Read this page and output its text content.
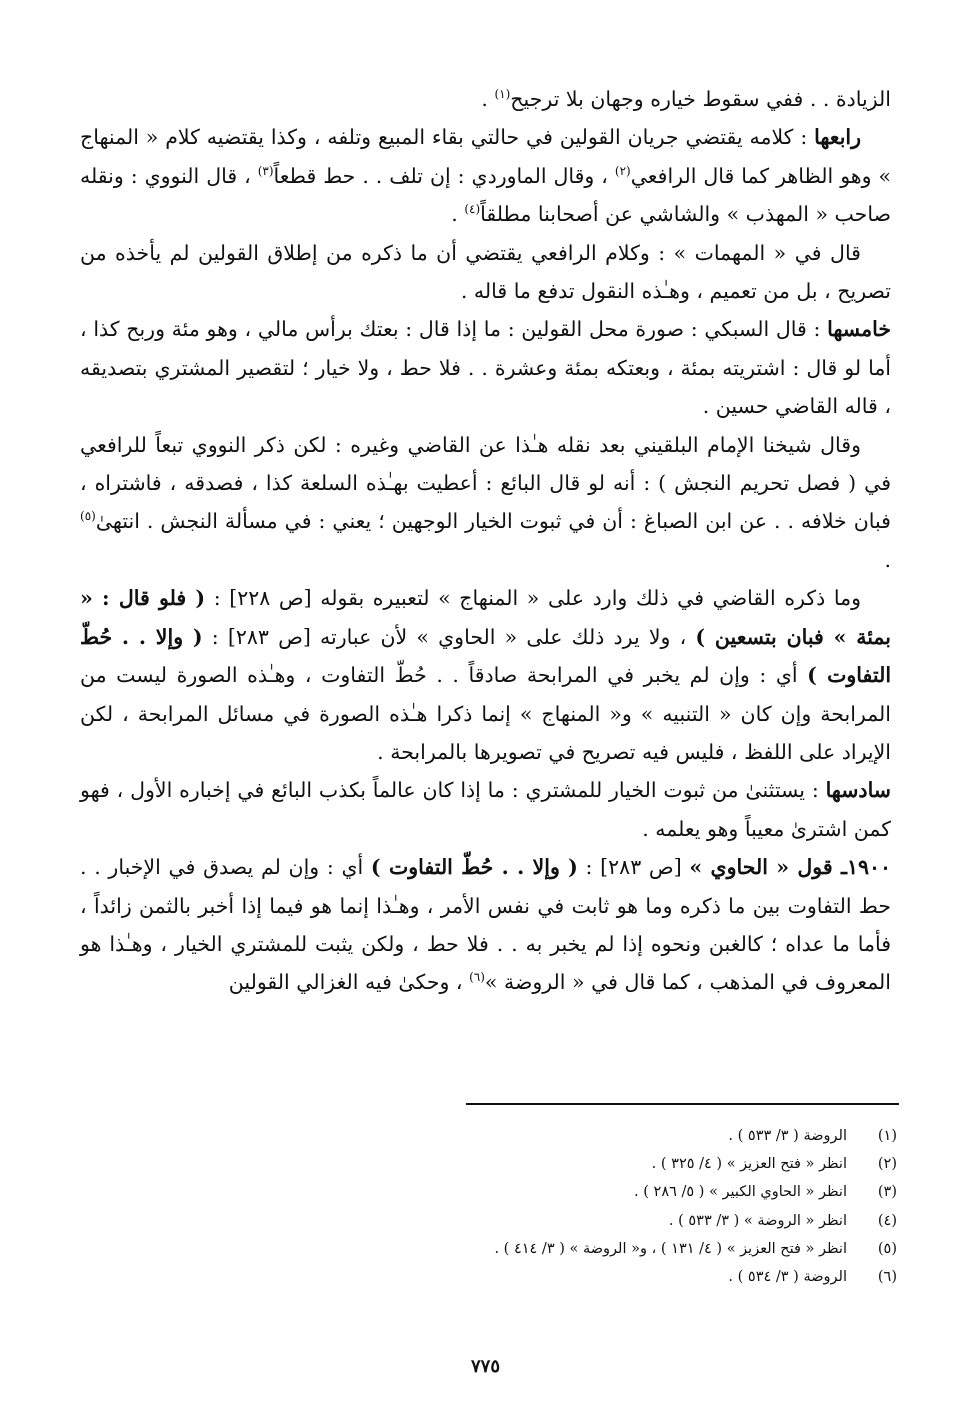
الزيادة . . ففي سقوط خياره وجهان بلا ترجيح$^{(١)}$ .

رابعها : كلامه يقتضي جريان القولين في حالتي بقاء المبيع وتلفه ، وكذا يقتضيه كلام « المنهاج » وهو الظاهر كما قال الرافعي$^{(٢)}$ ، وقال الماوردي : إن تلف . . حط قطعاً$^{(٣)}$ ، قال النووي : ونقله صاحب « المهذب » والشاشي عن أصحابنا مطلقاً$^{(٤)}$ .

قال في « المهمات » : وكلام الرافعي يقتضي أن ما ذكره من إطلاق القولين لم يأخذه من تصريح ، بل من تعميم ، وهـٰذه النقول تدفع ما قاله .

خامسها : قال السبكي : صورة محل القولين : ما إذا قال : بعتك برأس مالي ، وهو مئة وربح كذا ، أما لو قال : اشتريته بمئة ، وبعتكه بمئة وعشرة . . فلا حط ، ولا خيار ؛ لتقصير المشتري بتصديقه ، قاله القاضي حسين .

وقال شيخنا الإمام البلقيني بعد نقله هـٰذا عن القاضي وغيره : لكن ذكر النووي تبعاً للرافعي في ( فصل تحريم النجش ) : أنه لو قال البائع : أعطيت بهـٰذه السلعة كذا ، فصدقه ، فاشتراه ، فبان خلافه . . عن ابن الصباغ : أن في ثبوت الخيار الوجهين ؛ يعني : في مسألة النجش . انتهىٰ$^{(٥)}$ .

وما ذكره القاضي في ذلك وارد على « المنهاج » لتعبيره بقوله [ص ٢٢٨] : ( فلو قال : « بمئة » فبان بتسعين ) ، ولا يرد ذلك على « الحاوي » لأن عبارته [ص ٢٨٣] : ( وإلا . . حُطّ التفاوت ) أي : وإن لم يخبر في المرابحة صادقاً . . حُطّ التفاوت ، وهـٰذه الصورة ليست من المرابحة وإن كان « التنبيه » و« المنهاج » إنما ذكرا هـٰذه الصورة في مسائل المرابحة ، لكن الإيراد على اللفظ ، فليس فيه تصريح في تصويرها بالمرابحة .

سادسها : يستثنىٰ من ثبوت الخيار للمشتري : ما إذا كان عالماً بكذب البائع في إخباره الأول ، فهو كمن اشترىٰ معيباً وهو يعلمه .

١٩٠٠ـ قول « الحاوي » [ص ٢٨٣] : ( وإلا . . حُطّ التفاوت ) أي : وإن لم يصدق في الإخبار . . حط التفاوت بين ما ذكره وما هو ثابت في نفس الأمر ، وهـٰذا إنما هو فيما إذا أخبر بالثمن زائداً ، فأما ما عداه ؛ كالغبن ونحوه إذا لم يخبر به . . فلا حط ، ولكن يثبت للمشتري الخيار ، وهـٰذا هو المعروف في المذهب ، كما قال في « الروضة »$^{(٦)}$ ، وحكىٰ فيه الغزالي القولين

(١)الروضة ( ٣/ ٥٣٣ ) .
(٢)انظر « فتح العزيز » ( ٤/ ٣٢٥ ) .
(٣)انظر « الحاوي الكبير » ( ٥/ ٢٨٦ ) .
(٤)انظر « الروضة » ( ٣/ ٥٣٣ ) .
(٥)انظر « فتح العزيز » ( ٤/ ١٣١ ) ، و« الروضة » ( ٣/ ٤١٤ ) .
(٦)الروضة ( ٣/ ٥٣٤ ) .
٧٧٥
